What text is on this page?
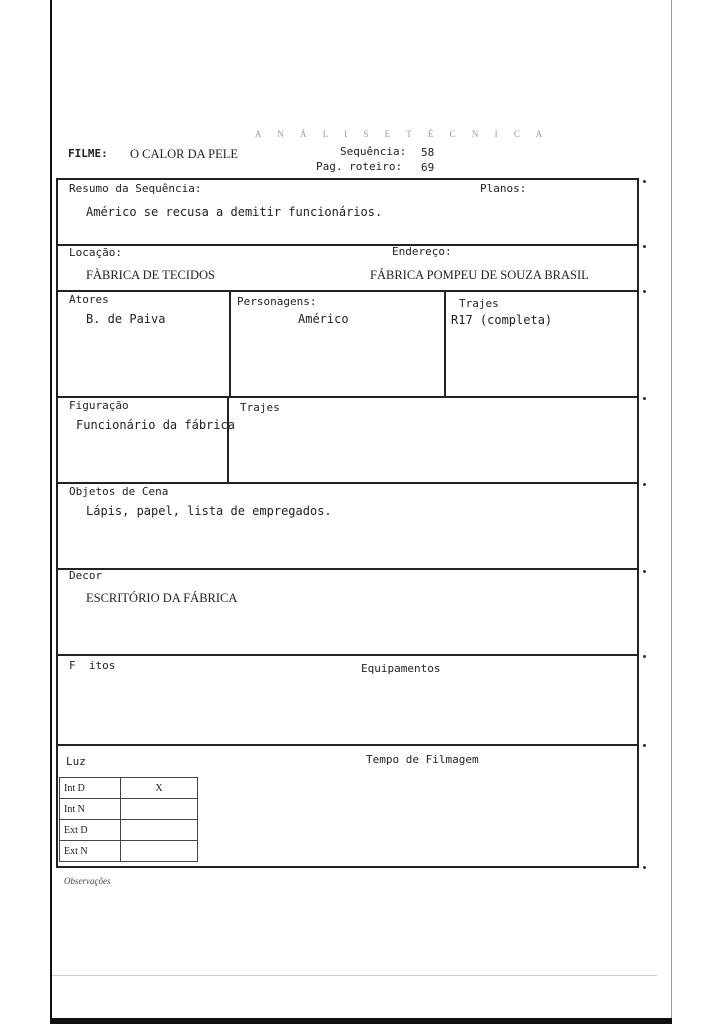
A N Á L I S E T É C N I C A
FILME: O CALOR DA PELE	Sequência: 58
Pag. roteiro: 69
Resumo da Sequência:	Planos:
Américo se recusa a demitir funcionários.
Locação:
FÀBRICA DE TECIDOS
Endereço:
FÁBRICA POMPEU DE SOUZA BRASIL
Atores
B. de Paiva
Personagens:
Américo
Trajes
R17 (completa)
Figuração
Funcionário da fábrica
Trajes
Objetos de Cena
Lápis, papel, lista de empregados.
Decor
ESCRITÓRIO DA FÁBRICA
F  itos	Equipamentos
Luz	Tempo de Filmagem
Int D	X
Int N	
Ext D	
Ext N	
Observações
